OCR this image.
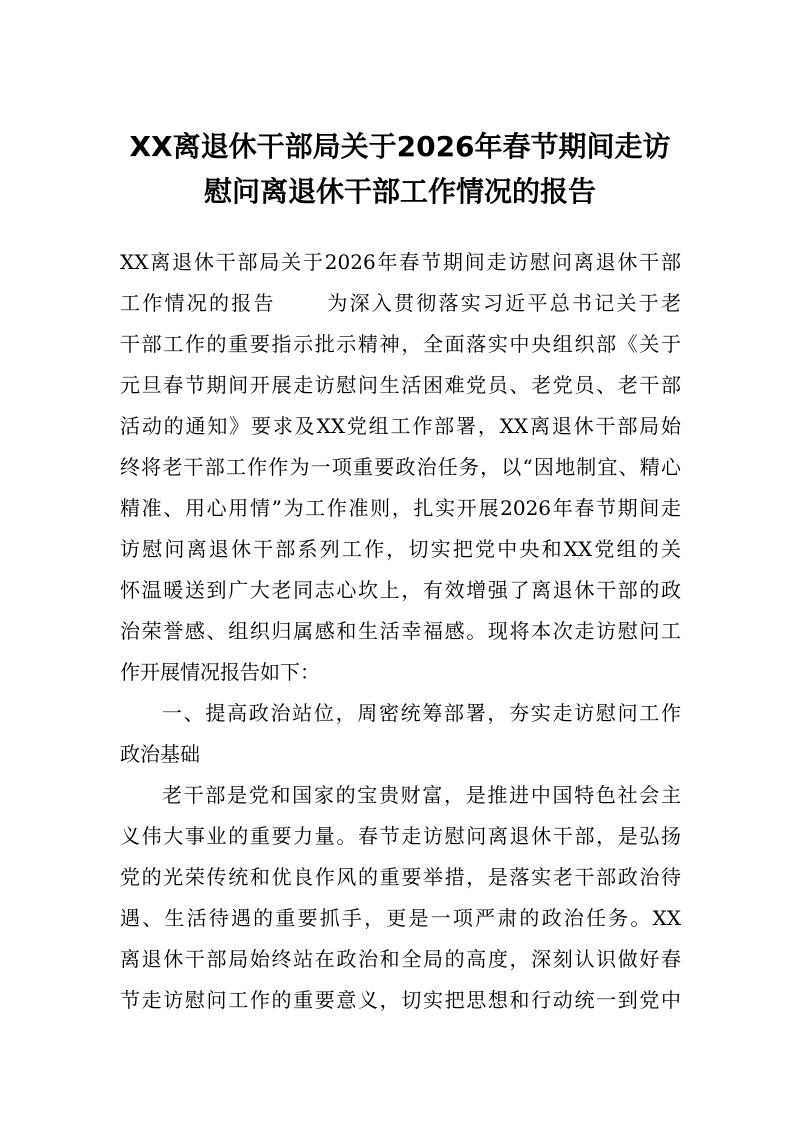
XX离退休干部局关于2026年春节期间走访
慰问离退休干部工作情况的报告
XX离退休干部局关于2026年春节期间走访慰问离退休干部
工作情况的报告      为深入贯彻落实习近平总书记关于老
干部工作的重要指示批示精神，全面落实中央组织部《关于
元旦春节期间开展走访慰问生活困难党员、老党员、老干部
活动的通知》要求及XX党组工作部署，XX离退休干部局始
终将老干部工作作为一项重要政治任务，以“因地制宜、精心
精准、用心用情”为工作准则，扎实开展2026年春节期间走
访慰问离退休干部系列工作，切实把党中央和XX党组的关
怀温暖送到广大老同志心坎上，有效增强了离退休干部的政
治荣誉感、组织归属感和生活幸福感。现将本次走访慰问工
作开展情况报告如下：
一、提高政治站位，周密统筹部署，夯实走访慰问工作
政治基础
老干部是党和国家的宝贵财富，是推进中国特色社会主
义伟大事业的重要力量。春节走访慰问离退休干部，是弘扬
党的光荣传统和优良作风的重要举措，是落实老干部政治待
遇、生活待遇的重要抓手，更是一项严肃的政治任务。XX
离退休干部局始终站在政治和全局的高度，深刻认识做好春
节走访慰问工作的重要意义，切实把思想和行动统一到党中
